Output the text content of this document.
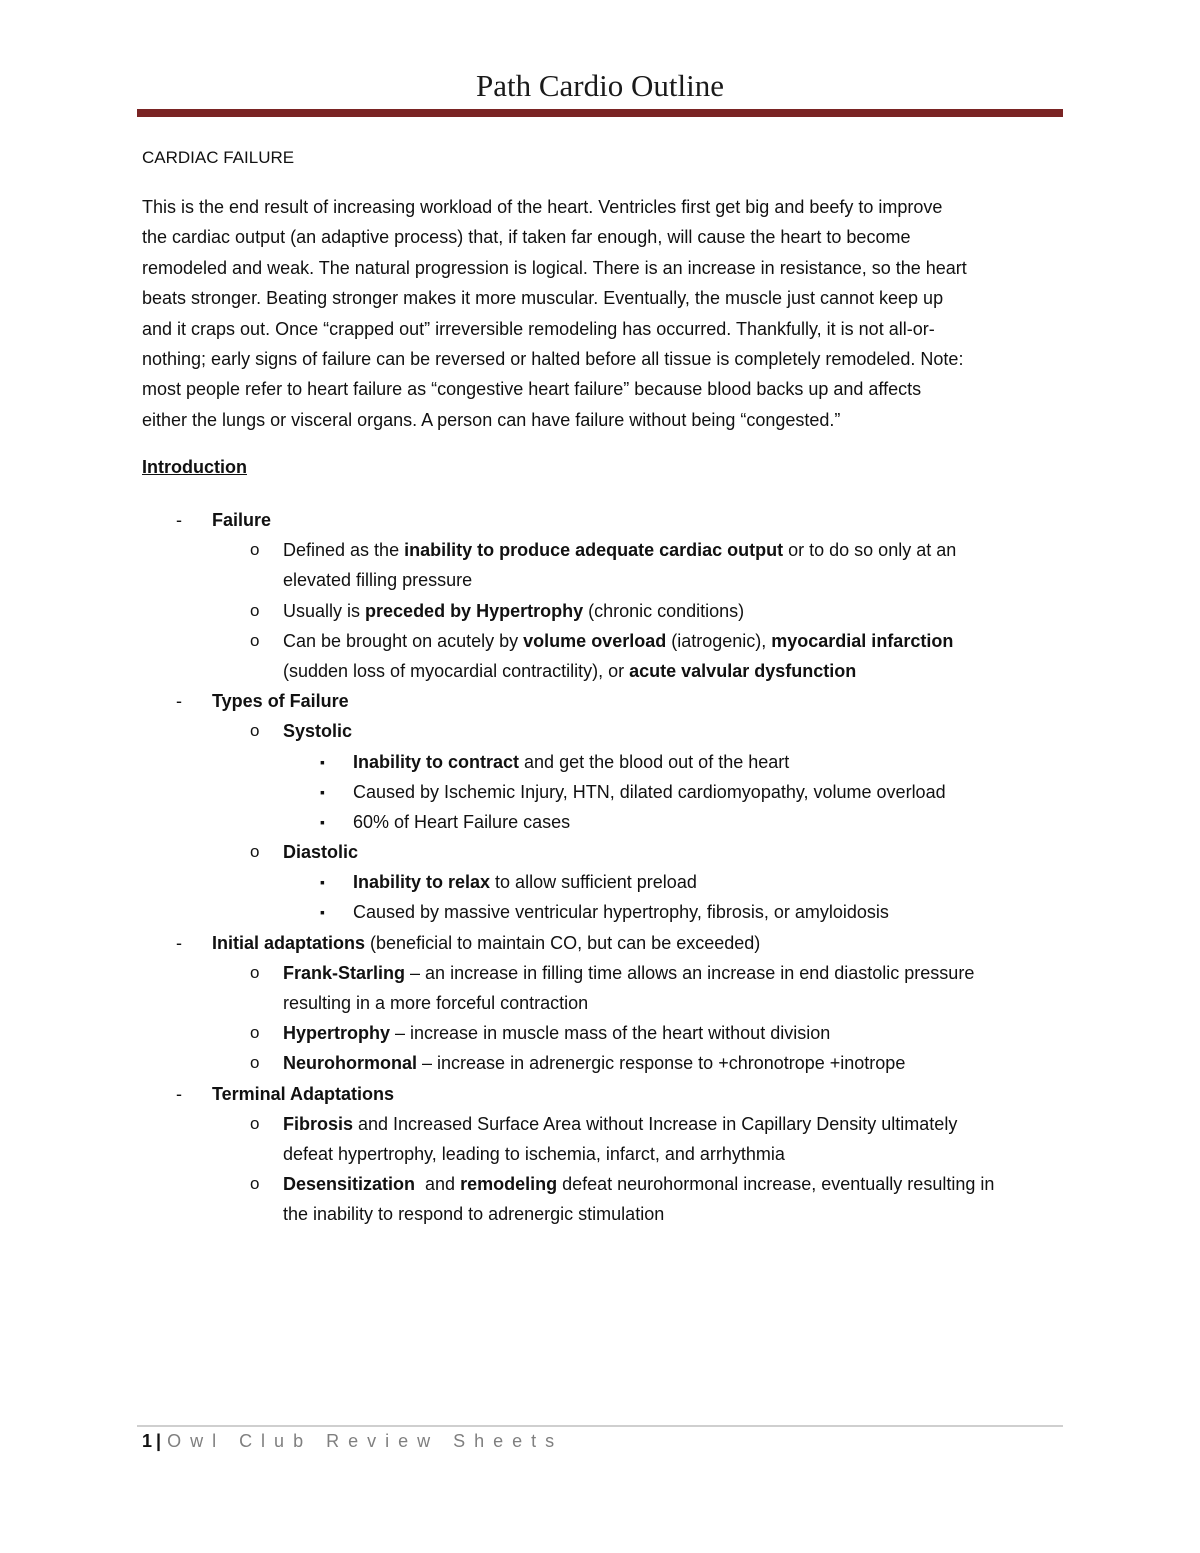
Path Cardio Outline
CARDIAC FAILURE

This is the end result of increasing workload of the heart. Ventricles first get big and beefy to improve
the cardiac output (an adaptive process) that, if taken far enough, will cause the heart to become
remodeled and weak. The natural progression is logical. There is an increase in resistance, so the heart
beats stronger. Beating stronger makes it more muscular. Eventually, the muscle just cannot keep up
and it craps out. Once “crapped out” irreversible remodeling has occurred. Thankfully, it is not all-or-
nothing; early signs of failure can be reversed or halted before all tissue is completely remodeled. Note:
most people refer to heart failure as “congestive heart failure” because blood backs up and affects
either the lungs or visceral organs. A person can have failure without being “congested.”

Introduction
- Failure
o Defined as the inability to produce adequate cardiac output or to do so only at an
elevated filling pressure
o Usually is preceded by Hypertrophy (chronic conditions)
o Can be brought on acutely by volume overload (iatrogenic), myocardial infarction
(sudden loss of myocardial contractility), or acute valvular dysfunction
- Types of Failure
o Systolic
▪ Inability to contract and get the blood out of the heart
▪ Caused by Ischemic Injury, HTN, dilated cardiomyopathy, volume overload
▪ 60% of Heart Failure cases
o Diastolic
▪ Inability to relax to allow sufficient preload
▪ Caused by massive ventricular hypertrophy, fibrosis, or amyloidosis
- Initial adaptations (beneficial to maintain CO, but can be exceeded)
o Frank-Starling – an increase in filling time allows an increase in end diastolic pressure
resulting in a more forceful contraction
o Hypertrophy – increase in muscle mass of the heart without division
o Neurohormonal – increase in adrenergic response to +chronotrope +inotrope
- Terminal Adaptations
o Fibrosis and Increased Surface Area without Increase in Capillary Density ultimately
defeat hypertrophy, leading to ischemia, infarct, and arrhythmia
o Desensitization  and remodeling defeat neurohormonal increase, eventually resulting in
the inability to respond to adrenergic stimulation
1 | Owl Club Review Sheets
